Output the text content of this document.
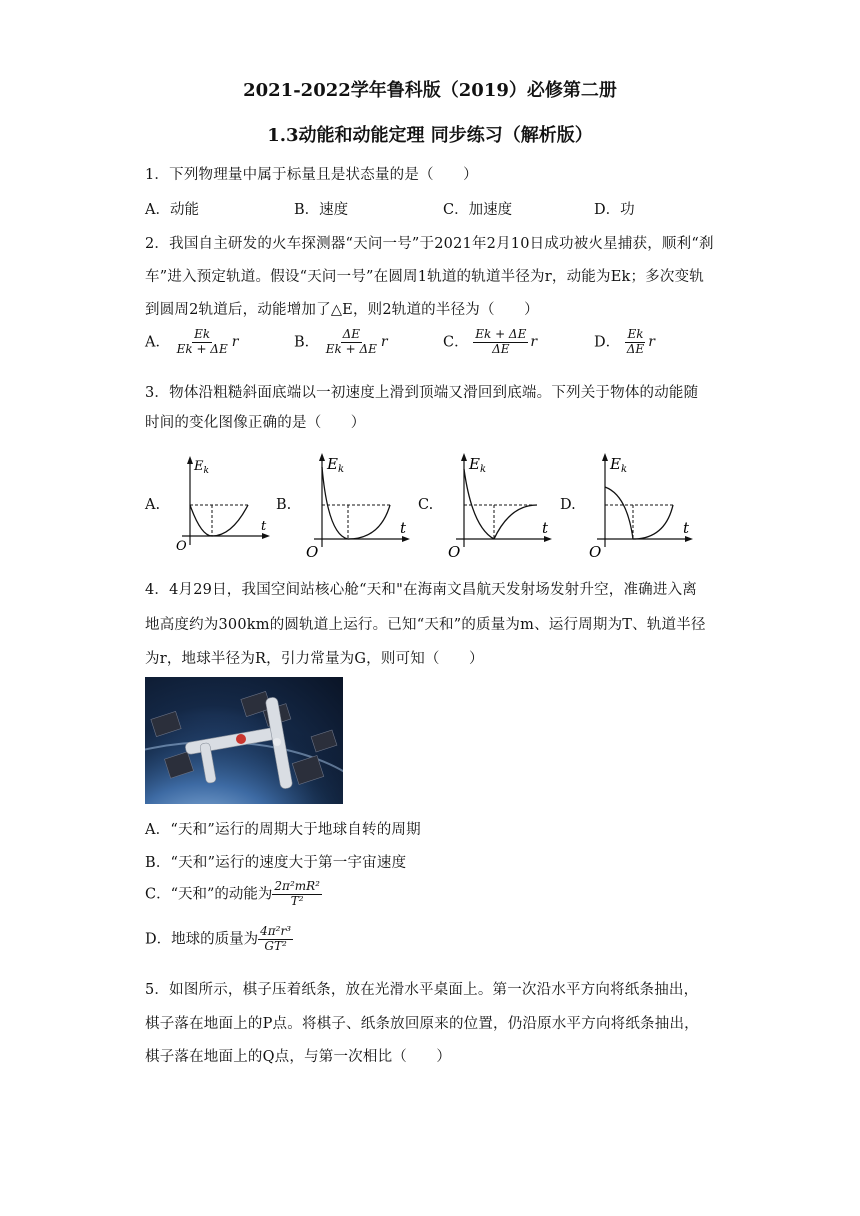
2021-2022学年鲁科版（2019）必修第二册
1.3动能和动能定理 同步练习（解析版）
1．下列物理量中属于标量且是状态量的是（　　）
A．动能	B．速度	C．加速度	D．功
2．我国自主研发的火车探测器“天问一号”于2021年2月10日成功被火星捕获，顺利“刹
车”进入预定轨道。假设“天问一号”在圆周1轨道的轨道半径为r，动能为Ek；多次变轨
到圆周2轨道后，动能增加了△E，则2轨道的半径为（　　）
A． $\frac{Ek}{Ek + \Delta E}$ r	B． $\frac{\Delta E}{Ek + \Delta E}$ r	C． $\frac{Ek + \Delta E}{\Delta E}$ r	D． $\frac{Ek}{\Delta E}$ r
3．物体沿粗糙斜面底端以一初速度上滑到顶端又滑回到底端。下列关于物体的动能随
时间的变化图像正确的是（　　）
A.	B.	C.	D.
$E_k$
t
O
$E_k$
t
O
$E_k$
t
O
$E_k$
t
O
4．4月29日，我国空间站核心舱“天和"在海南文昌航天发射场发射升空，准确进入离
地高度约为300km的圆轨道上运行。已知“天和”的质量为m、运行周期为T、轨道半径
为r，地球半径为R，引力常量为G，则可知（　　）
A．“天和”运行的周期大于地球自转的周期
B．“天和”运行的速度大于第一宇宙速度
C．“天和”的动能为 $\frac{\text{2π²mR²}}{\text{T²}}$
D．地球的质量为 $\frac{\text{4π²r³}}{\text{GT²}}$
5．如图所示，棋子压着纸条，放在光滑水平桌面上。第一次沿水平方向将纸条抽出，
棋子落在地面上的P点。将棋子、纸条放回原来的位置，仍沿原水平方向将纸条抽出，
棋子落在地面上的Q点，与第一次相比（　　）
